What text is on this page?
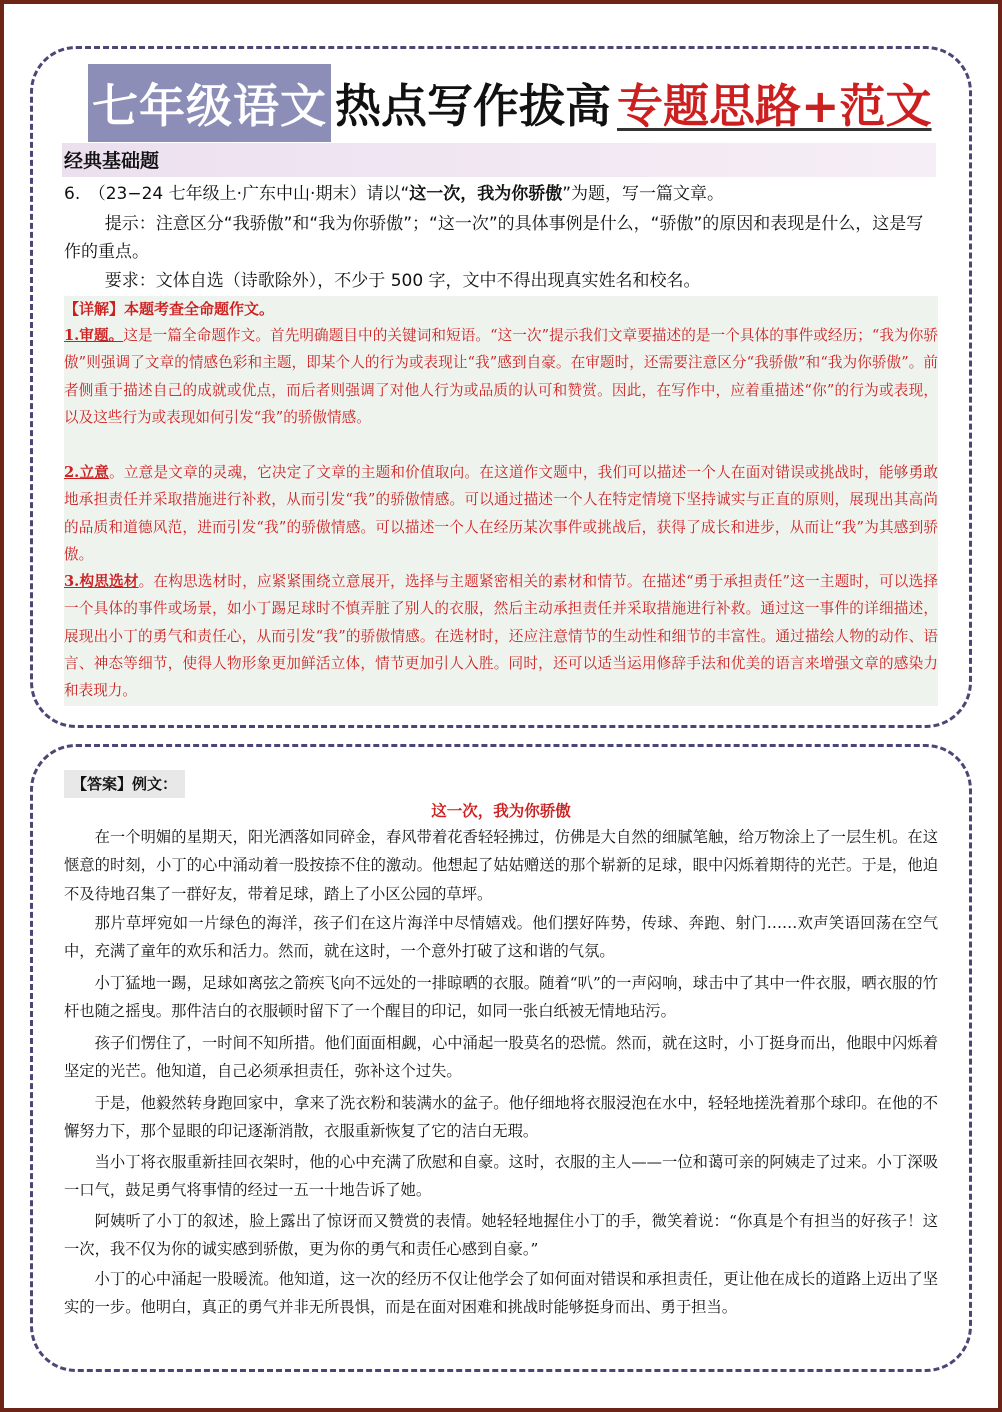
七年级语文 热点写作拔高 专题思路+范文
经典基础题
6.　（23−24 七年级上·广东中山·期末）请以“这一次，我为你骄傲”为题，写一篇文章。
提示：注意区分“我骄傲”和“我为你骄傲”；“这一次”的具体事例是什么，“骄傲”的原因和表现是什么，这是写作的重点。
要求：文体自选（诗歌除外），不少于 500 字，文中不得出现真实姓名和校名。
【详解】本题考查全命题作文。
1.审题。这是一篇全命题作文。首先明确题目中的关键词和短语。“这一次”提示我们文章要描述的是一个具体的事件或经历；“我为你骄傲”则强调了文章的情感色彩和主题，即某个人的行为或表现让“我”感到自豪。在审题时，还需要注意区分“我骄傲”和“我为你骄傲”。前者侧重于描述自己的成就或优点，而后者则强调了对他人行为或品质的认可和赞赏。因此，在写作中，应着重描述“你”的行为或表现，以及这些行为或表现如何引发“我”的骄傲情感。
2.立意。立意是文章的灵魂，它决定了文章的主题和价值取向。在这道作文题中，我们可以描述一个人在面对错误或挑战时，能够勇敢地承担责任并采取措施进行补救，从而引发“我”的骄傲情感。可以通过描述一个人在特定情境下坚持诚实与正直的原则，展现出其高尚的品质和道德风范，进而引发“我”的骄傲情感。可以描述一个人在经历某次事件或挑战后，获得了成长和进步，从而让“我”为其感到骄傲。
3.构思选材。在构思选材时，应紧紧围绕立意展开，选择与主题紧密相关的素材和情节。在描述“勇于承担责任”这一主题时，可以选择一个具体的事件或场景，如小丁踢足球时不慎弄脏了别人的衣服，然后主动承担责任并采取措施进行补救。通过这一事件的详细描述，展现出小丁的勇气和责任心，从而引发“我”的骄傲情感。在选材时，还应注意情节的生动性和细节的丰富性。通过描绘人物的动作、语言、神态等细节，使得人物形象更加鲜活立体，情节更加引人入胜。同时，还可以适当运用修辞手法和优美的语言来增强文章的感染力和表现力。
【答案】例文：
这一次，我为你骄傲
在一个明媚的星期天，阳光洒落如同碎金，春风带着花香轻轻拂过，仿佛是大自然的细腻笔触，给万物涂上了一层生机。在这惬意的时刻，小丁的心中涌动着一股按捺不住的激动。他想起了姑姑赠送的那个崭新的足球，眼中闪烁着期待的光芒。于是，他迫不及待地召集了一群好友，带着足球，踏上了小区公园的草坪。
那片草坪宛如一片绿色的海洋，孩子们在这片海洋中尽情嬉戏。他们摆好阵势，传球、奔跑、射门……欢声笑语回荡在空气中，充满了童年的欢乐和活力。然而，就在这时，一个意外打破了这和谐的气氛。
小丁猛地一踢，足球如离弦之箭疾飞向不远处的一排晾晒的衣服。随着“叭”的一声闷响，球击中了其中一件衣服，晒衣服的竹杆也随之摇曳。那件洁白的衣服顿时留下了一个醒目的印记，如同一张白纸被无情地玷污。
孩子们愣住了，一时间不知所措。他们面面相觑，心中涌起一股莫名的恐慌。然而，就在这时，小丁挺身而出，他眼中闪烁着坚定的光芒。他知道，自己必须承担责任，弥补这个过失。
于是，他毅然转身跑回家中，拿来了洗衣粉和装满水的盆子。他仔细地将衣服浸泡在水中，轻轻地搓洗着那个球印。在他的不懈努力下，那个显眼的印记逐渐消散，衣服重新恢复了它的洁白无瑕。
当小丁将衣服重新挂回衣架时，他的心中充满了欣慰和自豪。这时，衣服的主人——一位和蔼可亲的阿姨走了过来。小丁深吸一口气，鼓足勇气将事情的经过一五一十地告诉了她。
阿姨听了小丁的叙述，脸上露出了惊讶而又赞赏的表情。她轻轻地握住小丁的手，微笑着说：“你真是个有担当的好孩子！这一次，我不仅为你的诚实感到骄傲，更为你的勇气和责任心感到自豪。”
小丁的心中涌起一股暖流。他知道，这一次的经历不仅让他学会了如何面对错误和承担责任，更让他在成长的道路上迈出了坚实的一步。他明白，真正的勇气并非无所畏惧，而是在面对困难和挑战时能够挺身而出、勇于担当。
